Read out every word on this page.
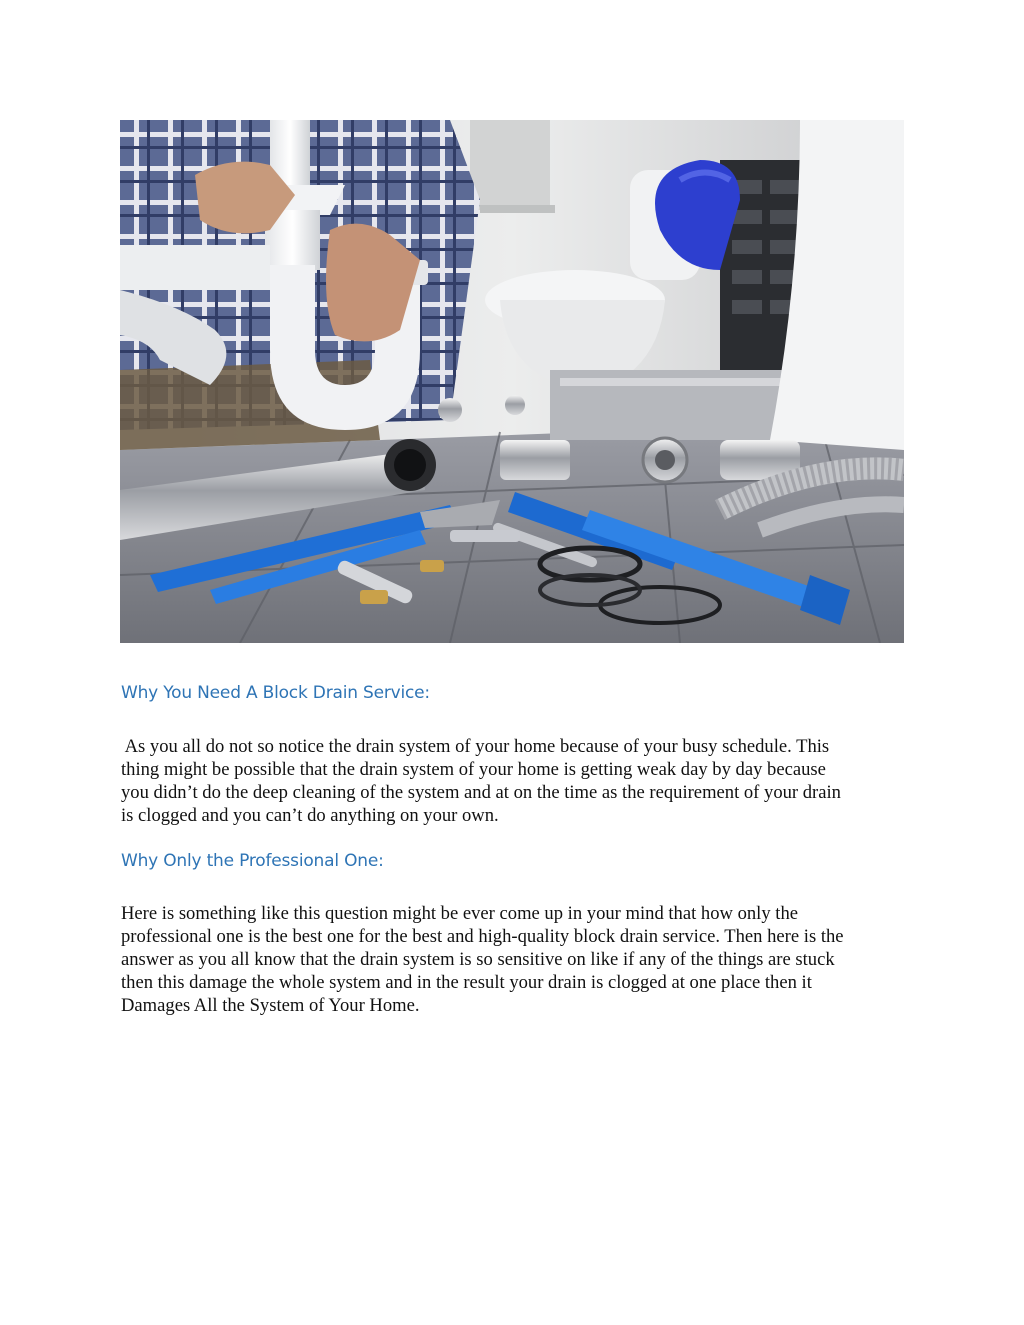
Why You Need A Block Drain Service:

As you all do not so notice the drain system of your home because of your busy schedule. This
thing might be possible that the drain system of your home is getting weak day by day because
you didn’t do the deep cleaning of the system and at on the time as the requirement of your drain
is clogged and you can’t do anything on your own.

Why Only the Professional One:

Here is something like this question might be ever come up in your mind that how only the
professional one is the best one for the best and high-quality block drain service. Then here is the
answer as you all know that the drain system is so sensitive on like if any of the things are stuck
then this damage the whole system and in the result your drain is clogged at one place then it
Damages All the System of Your Home.
